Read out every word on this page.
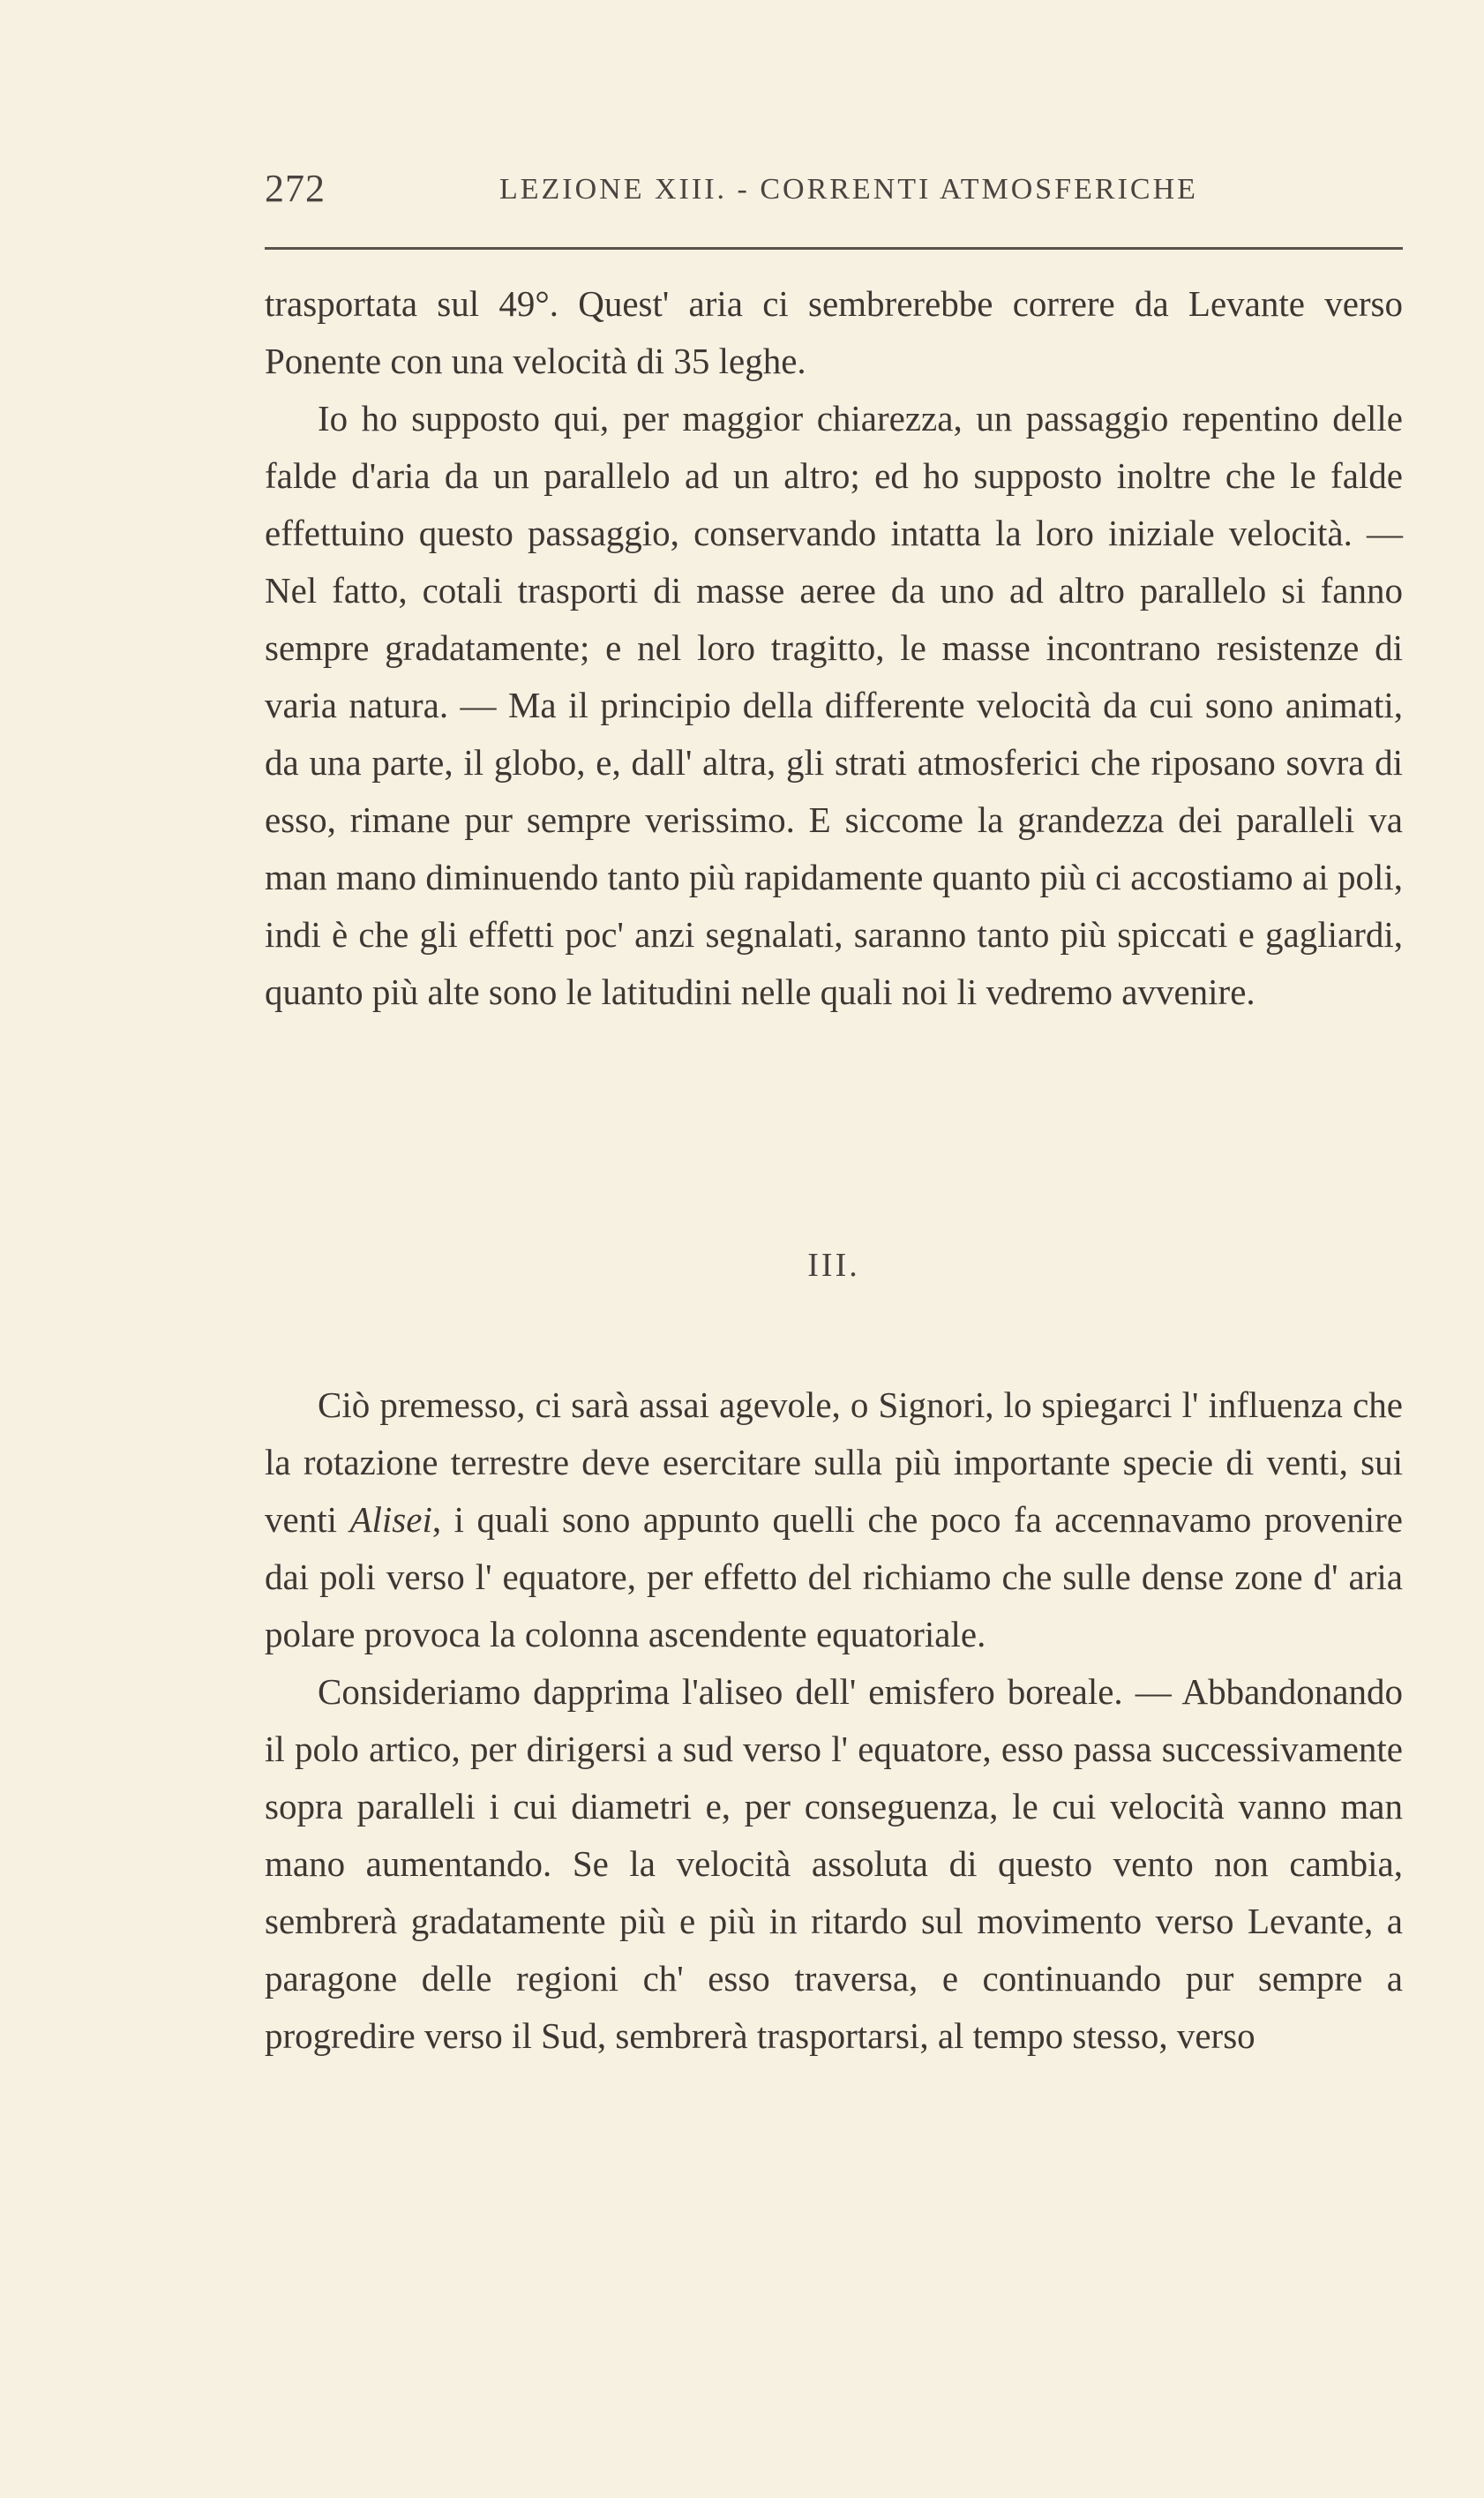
272	LEZIONE XIII. - CORRENTI ATMOSFERICHE

trasportata sul 49°. Quest' aria ci sembrerebbe correre da Levante verso Ponente con una velocità di 35 leghe.

Io ho supposto qui, per maggior chiarezza, un passaggio repentino delle falde d'aria da un parallelo ad un altro; ed ho supposto inoltre che le falde effettuino questo passaggio, conservando intatta la loro iniziale velocità. — Nel fatto, cotali trasporti di masse aeree da uno ad altro parallelo si fanno sempre gradatamente; e nel loro tragitto, le masse incontrano resistenze di varia natura. — Ma il principio della differente velocità da cui sono animati, da una parte, il globo, e, dall' altra, gli strati atmosferici che riposano sovra di esso, rimane pur sempre verissimo. E siccome la grandezza dei paralleli va man mano diminuendo tanto più rapidamente quanto più ci accostiamo ai poli, indi è che gli effetti poc' anzi segnalati, saranno tanto più spiccati e gagliardi, quanto più alte sono le latitudini nelle quali noi li vedremo avvenire.

III.

Ciò premesso, ci sarà assai agevole, o Signori, lo spiegarci l' influenza che la rotazione terrestre deve esercitare sulla più importante specie di venti, sui venti Alisei, i quali sono appunto quelli che poco fa accennavamo provenire dai poli verso l' equatore, per effetto del richiamo che sulle dense zone d' aria polare provoca la colonna ascendente equatoriale.

Consideriamo dapprima l'aliseo dell' emisfero boreale. — Abbandonando il polo artico, per dirigersi a sud verso l' equatore, esso passa successivamente sopra paralleli i cui diametri e, per conseguenza, le cui velocità vanno man mano aumentando. Se la velocità assoluta di questo vento non cambia, sembrerà gradatamente più e più in ritardo sul movimento verso Levante, a paragone delle regioni ch' esso traversa, e continuando pur sempre a progredire verso il Sud, sembrerà trasportarsi, al tempo stesso, verso
